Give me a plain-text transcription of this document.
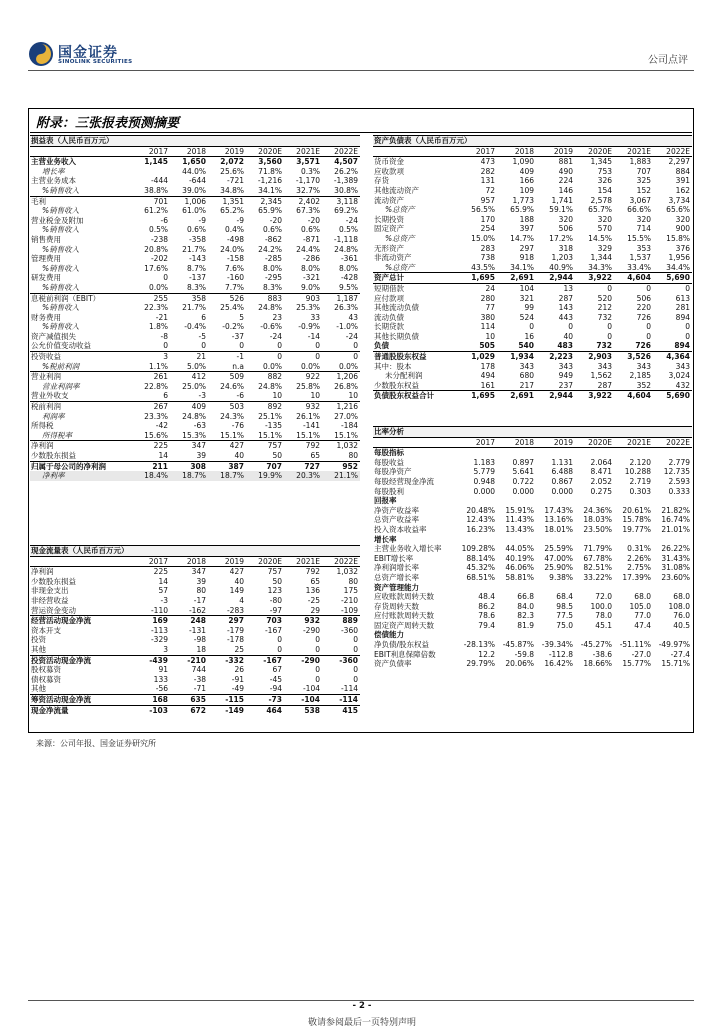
国金证券
SINOLINK SECURITIES	公司点评
附录：三张报表预测摘要
损益表（人民币百万元）						
	2017	2018	2019	2020E	2021E	2022E
主营业务收入	1,145	1,650	2,072	3,560	3,571	4,507
增长率		44.0%	25.6%	71.8%	0.3%	26.2%
主营业务成本	-444	-644	-721	-1,216	-1,170	-1,389
%销售收入	38.8%	39.0%	34.8%	34.1%	32.7%	30.8%
毛利	701	1,006	1,351	2,345	2,402	3,118
%销售收入	61.2%	61.0%	65.2%	65.9%	67.3%	69.2%
营业税金及附加	-6	-9	-9	-20	-20	-24
%销售收入	0.5%	0.6%	0.4%	0.6%	0.6%	0.5%
销售费用	-238	-358	-498	-862	-871	-1,118
%销售收入	20.8%	21.7%	24.0%	24.2%	24.4%	24.8%
管理费用	-202	-143	-158	-285	-286	-361
%销售收入	17.6%	8.7%	7.6%	8.0%	8.0%	8.0%
研发费用	0	-137	-160	-295	-321	-428
%销售收入	0.0%	8.3%	7.7%	8.3%	9.0%	9.5%
息税前利润（EBIT）	255	358	526	883	903	1,187
%销售收入	22.3%	21.7%	25.4%	24.8%	25.3%	26.3%
财务费用	-21	6	5	23	33	43
%销售收入	1.8%	-0.4%	-0.2%	-0.6%	-0.9%	-1.0%
资产减值损失	-8	-5	-37	-24	-14	-24
公允价值变动收益	0	0	0	0	0	0
投资收益	3	21	-1	0	0	0
%税前利润	1.1%	5.0%	n.a	0.0%	0.0%	0.0%
营业利润	261	412	509	882	922	1,206
营业利润率	22.8%	25.0%	24.6%	24.8%	25.8%	26.8%
营业外收支	6	-3	-6	10	10	10
税前利润	267	409	503	892	932	1,216
利润率	23.3%	24.8%	24.3%	25.1%	26.1%	27.0%
所得税	-42	-63	-76	-135	-141	-184
所得税率	15.6%	15.3%	15.1%	15.1%	15.1%	15.1%
净利润	225	347	427	757	792	1,032
少数股东损益	14	39	40	50	65	80
归属于母公司的净利润	211	308	387	707	727	952
净利率	18.4%	18.7%	18.7%	19.9%	20.3%	21.1%
现金流量表（人民币百万元）						
	2017	2018	2019	2020E	2021E	2022E
净利润	225	347	427	757	792	1,032
少数股东损益	14	39	40	50	65	80
非现金支出	57	80	149	123	136	175
非经营收益	-3	-17	4	-80	-25	-210
营运资金变动	-110	-162	-283	-97	29	-109
经营活动现金净流	169	248	297	703	932	889
资本开支	-113	-131	-179	-167	-290	-360
投资	-329	-98	-178	0	0	0
其他	3	18	25	0	0	0
投资活动现金净流	-439	-210	-332	-167	-290	-360
股权募资	91	744	26	67	0	0
债权募资	133	-38	-91	-45	0	0
其他	-56	-71	-49	-94	-104	-114
筹资活动现金净流	168	635	-115	-73	-104	-114
现金净流量	-103	672	-149	464	538	415
资产负债表（人民币百万元）						
	2017	2018	2019	2020E	2021E	2022E
货币资金	473	1,090	881	1,345	1,883	2,297
应收款项	282	409	490	753	707	884
存货	131	166	224	326	325	391
其他流动资产	72	109	146	154	152	162
流动资产	957	1,773	1,741	2,578	3,067	3,734
%总资产	56.5%	65.9%	59.1%	65.7%	66.6%	65.6%
长期投资	170	188	320	320	320	320
固定资产	254	397	506	570	714	900
%总资产	15.0%	14.7%	17.2%	14.5%	15.5%	15.8%
无形资产	283	297	318	329	353	376
非流动资产	738	918	1,203	1,344	1,537	1,956
%总资产	43.5%	34.1%	40.9%	34.3%	33.4%	34.4%
资产总计	1,695	2,691	2,944	3,922	4,604	5,690
短期借款	24	104	13	0	0	0
应付款项	280	321	287	520	506	613
其他流动负债	77	99	143	212	220	281
流动负债	380	524	443	732	726	894
长期贷款	114	0	0	0	0	0
其他长期负债	10	16	40	0	0	0
负债	505	540	483	732	726	894
普通股股东权益	1,029	1,934	2,223	2,903	3,526	4,364
其中：股本	178	343	343	343	343	343
未分配利润	494	680	949	1,562	2,185	3,024
少数股东权益	161	217	237	287	352	432
负债股东权益合计	1,695	2,691	2,944	3,922	4,604	5,690
比率分析						
	2017	2018	2019	2020E	2021E	2022E
每股指标						
每股收益	1.183	0.897	1.131	2.064	2.120	2.779
每股净资产	5.779	5.641	6.488	8.471	10.288	12.735
每股经营现金净流	0.948	0.722	0.867	2.052	2.719	2.593
每股股利	0.000	0.000	0.000	0.275	0.303	0.333
回报率						
净资产收益率	20.48%	15.91%	17.43%	24.36%	20.61%	21.82%
总资产收益率	12.43%	11.43%	13.16%	18.03%	15.78%	16.74%
投入资本收益率	16.23%	13.43%	18.01%	23.50%	19.77%	21.01%
增长率						
主营业务收入增长率	109.28%	44.05%	25.59%	71.79%	0.31%	26.22%
EBIT增长率	88.14%	40.19%	47.00%	67.78%	2.26%	31.43%
净利润增长率	45.32%	46.06%	25.90%	82.51%	2.75%	31.08%
总资产增长率	68.51%	58.81%	9.38%	33.22%	17.39%	23.60%
资产管理能力						
应收账款周转天数	48.4	66.8	68.4	72.0	68.0	68.0
存货周转天数	86.2	84.0	98.5	100.0	105.0	108.0
应付账款周转天数	78.6	82.3	77.5	78.0	77.0	76.0
固定资产周转天数	79.4	81.9	75.0	45.1	47.4	40.5
偿债能力						
净负债/股东权益	-28.13%	-45.87%	-39.34%	-45.27%	-51.11%	-49.97%
EBIT利息保障倍数	12.2	-59.8	-112.8	-38.6	-27.0	-27.4
资产负债率	29.79%	20.06%	16.42%	18.66%	15.77%	15.71%
来源：公司年报、国金证券研究所
- 2 -
敬请参阅最后一页特别声明
